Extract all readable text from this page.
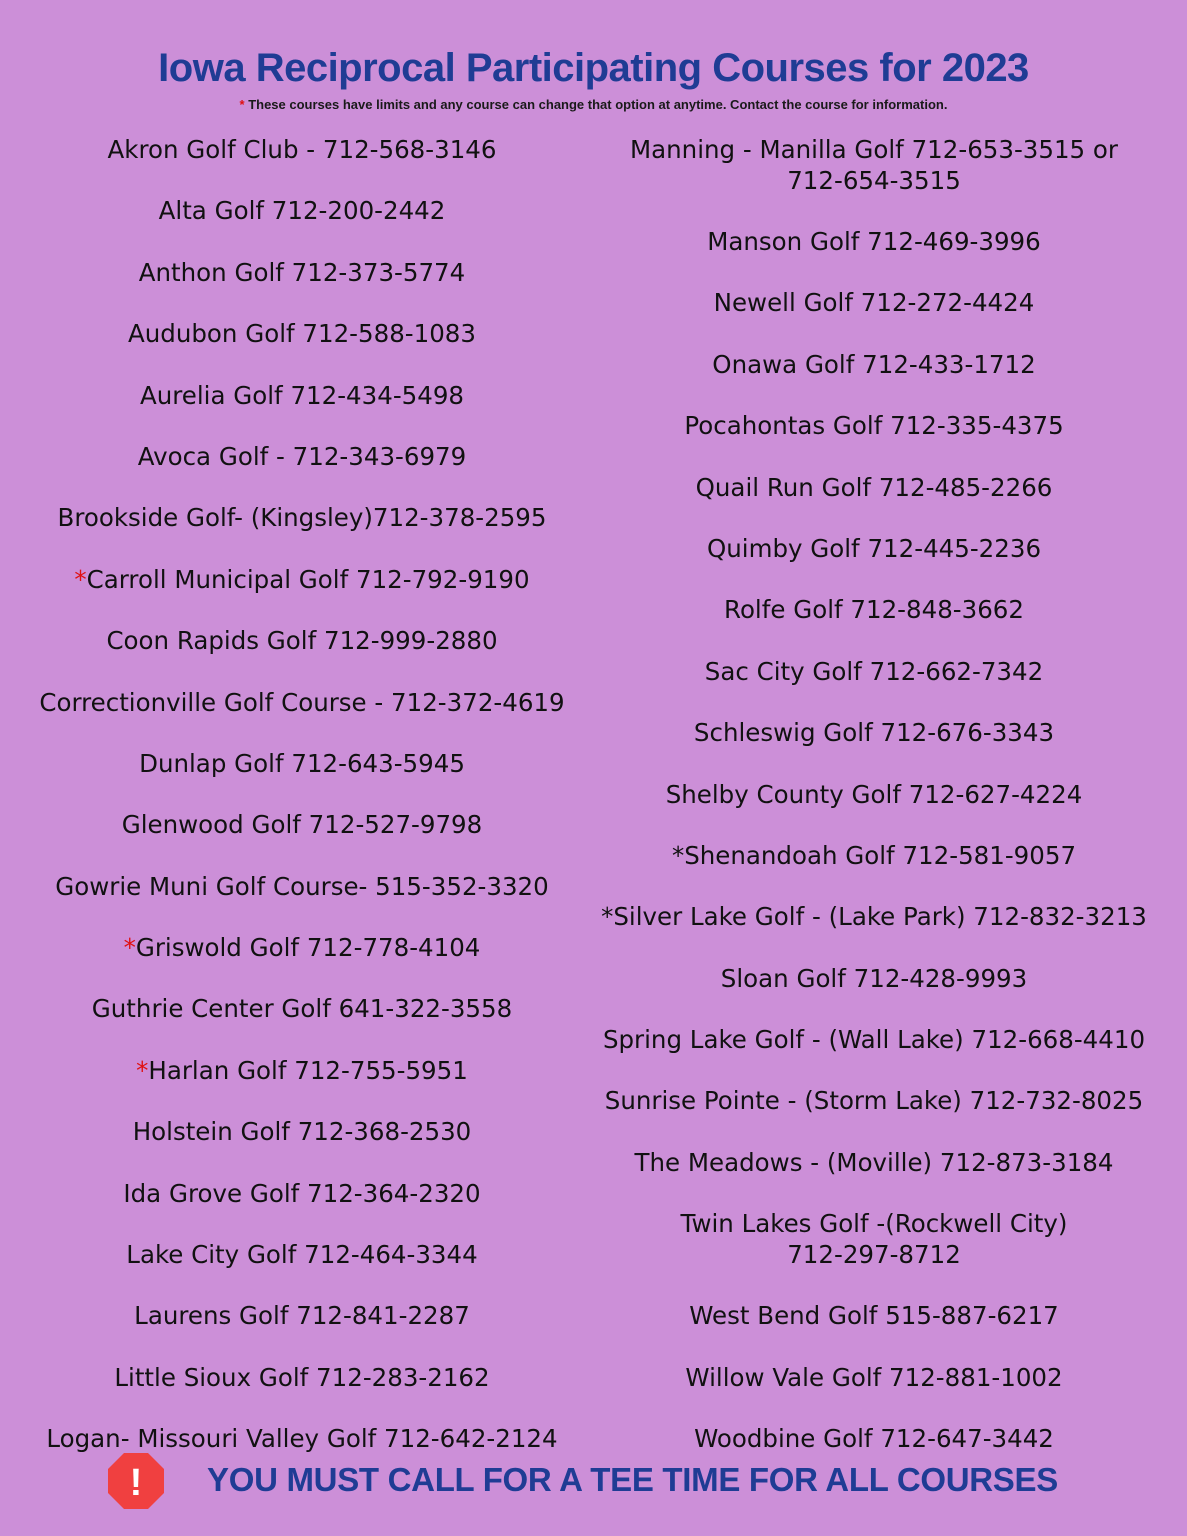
Iowa Reciprocal Participating Courses for 2023
* These courses have limits and any course can change that option at anytime. Contact the course for information.
Akron Golf Club - 712-568-3146
Alta Golf 712-200-2442
Anthon Golf 712-373-5774
Audubon Golf 712-588-1083
Aurelia Golf 712-434-5498
Avoca Golf - 712-343-6979
Brookside Golf- (Kingsley)712-378-2595
*Carroll Municipal Golf 712-792-9190
Coon Rapids Golf 712-999-2880
Correctionville Golf Course - 712-372-4619
Dunlap Golf 712-643-5945
Glenwood Golf 712-527-9798
Gowrie Muni Golf Course- 515-352-3320
*Griswold Golf 712-778-4104
Guthrie Center Golf 641-322-3558
*Harlan Golf 712-755-5951
Holstein Golf 712-368-2530
Ida Grove Golf 712-364-2320
Lake City Golf 712-464-3344
Laurens Golf 712-841-2287
Little Sioux Golf 712-283-2162
Logan- Missouri Valley Golf 712-642-2124
Manning - Manilla Golf 712-653-3515 or
712-654-3515
Manson Golf 712-469-3996
Newell Golf 712-272-4424
Onawa Golf 712-433-1712
Pocahontas Golf 712-335-4375
Quail Run Golf 712-485-2266
Quimby Golf 712-445-2236
Rolfe Golf 712-848-3662
Sac City Golf 712-662-7342
Schleswig Golf 712-676-3343
Shelby County Golf 712-627-4224
*Shenandoah Golf 712-581-9057
*Silver Lake Golf - (Lake Park) 712-832-3213
Sloan Golf 712-428-9993
Spring Lake Golf - (Wall Lake) 712-668-4410
Sunrise Pointe - (Storm Lake) 712-732-8025
The Meadows - (Moville) 712-873-3184
Twin Lakes Golf -(Rockwell City)
712-297-8712
West Bend Golf 515-887-6217
Willow Vale Golf 712-881-1002
Woodbine Golf 712-647-3442
! YOU MUST CALL FOR A TEE TIME FOR ALL COURSES
